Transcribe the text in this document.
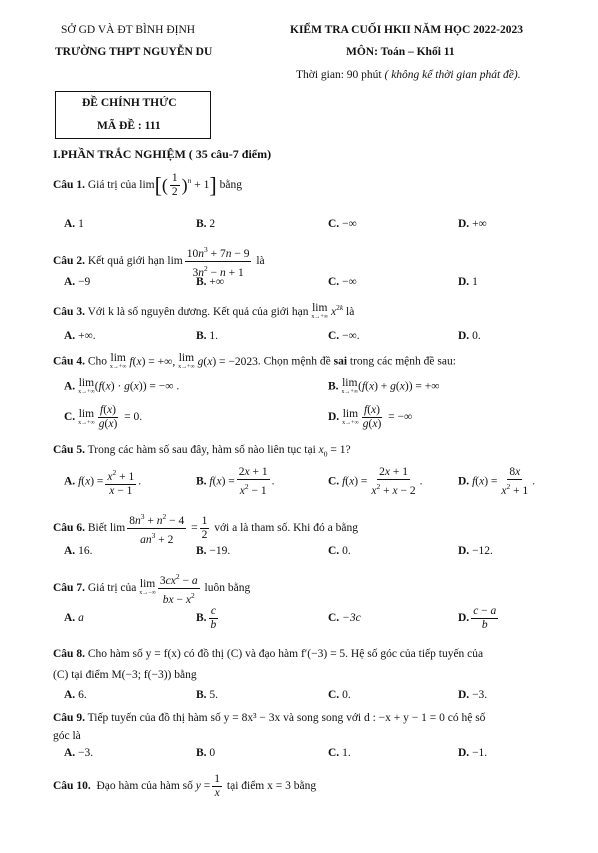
SỞ GD VÀ ĐT BÌNH ĐỊNH
TRƯỜNG THPT NGUYỄN DU
KIỂM TRA CUỐI HKII NĂM HỌC 2022-2023
MÔN: Toán – Khối 11
Thời gian: 90 phút ( không kể thời gian phát đề).
ĐỀ CHÍNH THỨC
MÃ ĐỀ : 111
I.PHẦN TRẮC NGHIỆM ( 35 câu-7 điểm)
Câu 1. Giá trị của $\lim[( \frac{1}{2} )^n + 1]$ bằng
A. 1	B. 2	C. −∞	D. +∞
Câu 2. Kết quả giới hạn $\lim \frac{10n^3 + 7n - 9}{3n^2 - n + 1}$ là
A. −9	B. +∞	C. −∞	D. 1
Câu 3. Với k là số nguyên dương. Kết quả của giới hạn lim
x→+∞ $x^{2k}$ là
A. +∞.	B. 1.	C. −∞.	D. 0.
Câu 4. Cho lim
x→+∞ f(x) = +∞, lim
x→+∞ g(x) = −2023. Chọn mệnh đề sai trong các mệnh đề sau:
A. lim
x→+∞ (f(x) · g(x)) = −∞ .	B. lim
x→+∞ (f(x) + g(x)) = +∞
C. lim
$x\to+\infty \frac{f(x)}{g(x)} = 0$.	D. lim
$x\to+\infty \frac{f(x)}{g(x)}$ = −∞
Câu 5. Trong các hàm số sau đây, hàm số nào liên tục tại $x_0 = 1$?
A. $f(x) = \frac{x^2 + 1}{x - 1}$ .	B. $f(x) = \frac{2x + 1}{x^2 - 1}$ .	C. $f(x) = \frac{2x + 1}{x^2 + x - 2}$ .	D. $f(x) = \frac{8x}{x^2 + 1}$ .
Câu 6. Biết $\lim \frac{8n^3 + n^2 - 4}{an^3 + 2} = \frac{1}{2}$ với a là tham số. Khi đó a bằng
A. 16.	B. −19.	C. 0.	D. −12.
Câu 7. Giá trị của lim
$x\to-\infty \frac{3cx^2 - a}{bx - x^2}$ luôn bằng
A. a	B. $\frac{c}{b}$	C. −3c	D. $\frac{c - a}{b}$
Câu 8. Cho hàm số y = f(x) có đồ thị (C) và đạo hàm f′(−3) = 5. Hệ số góc của tiếp tuyến của
(C) tại điểm M(−3; f(−3)) bằng
A. 6.	B. 5.	C. 0.	D. −3.
Câu 9. Tiếp tuyến của đồ thị hàm số y = 8x³ − 3x và song song với d : −x + y − 1 = 0 có hệ số
góc là
A. −3.	B. 0	C. 1.	D. −1.
Câu 10. Đạo hàm của hàm số $y = \frac{1}{x}$ tại điểm x = 3 bằng
